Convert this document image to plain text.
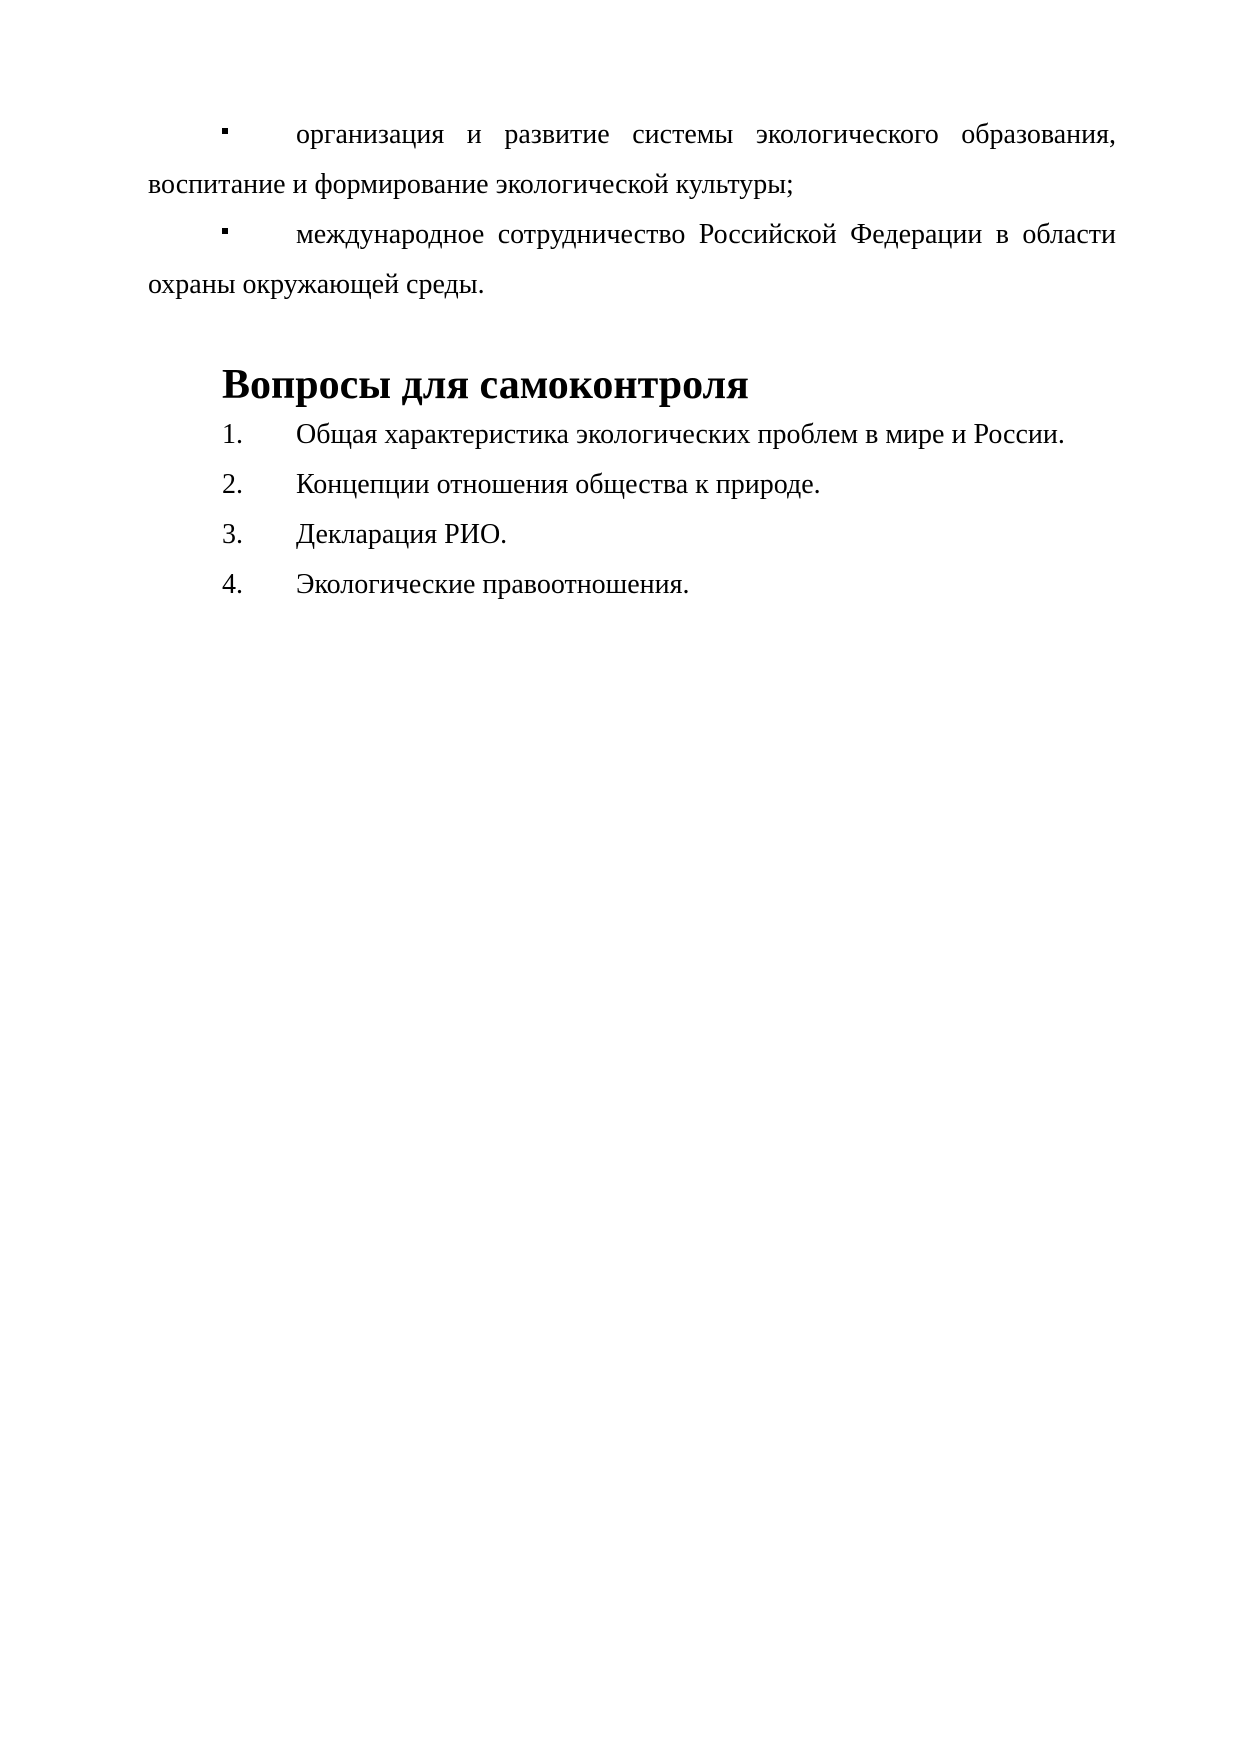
организация и развитие системы экологического образования, воспитание и формирование экологической культуры;

международное сотрудничество Российской Федерации в области охраны окружающей среды.

Вопросы для самоконтроля
1.	Общая характеристика экологических проблем в мире и России.
2.	Концепции отношения общества к природе.
3.	Декларация РИО.
4.	Экологические правоотношения.
